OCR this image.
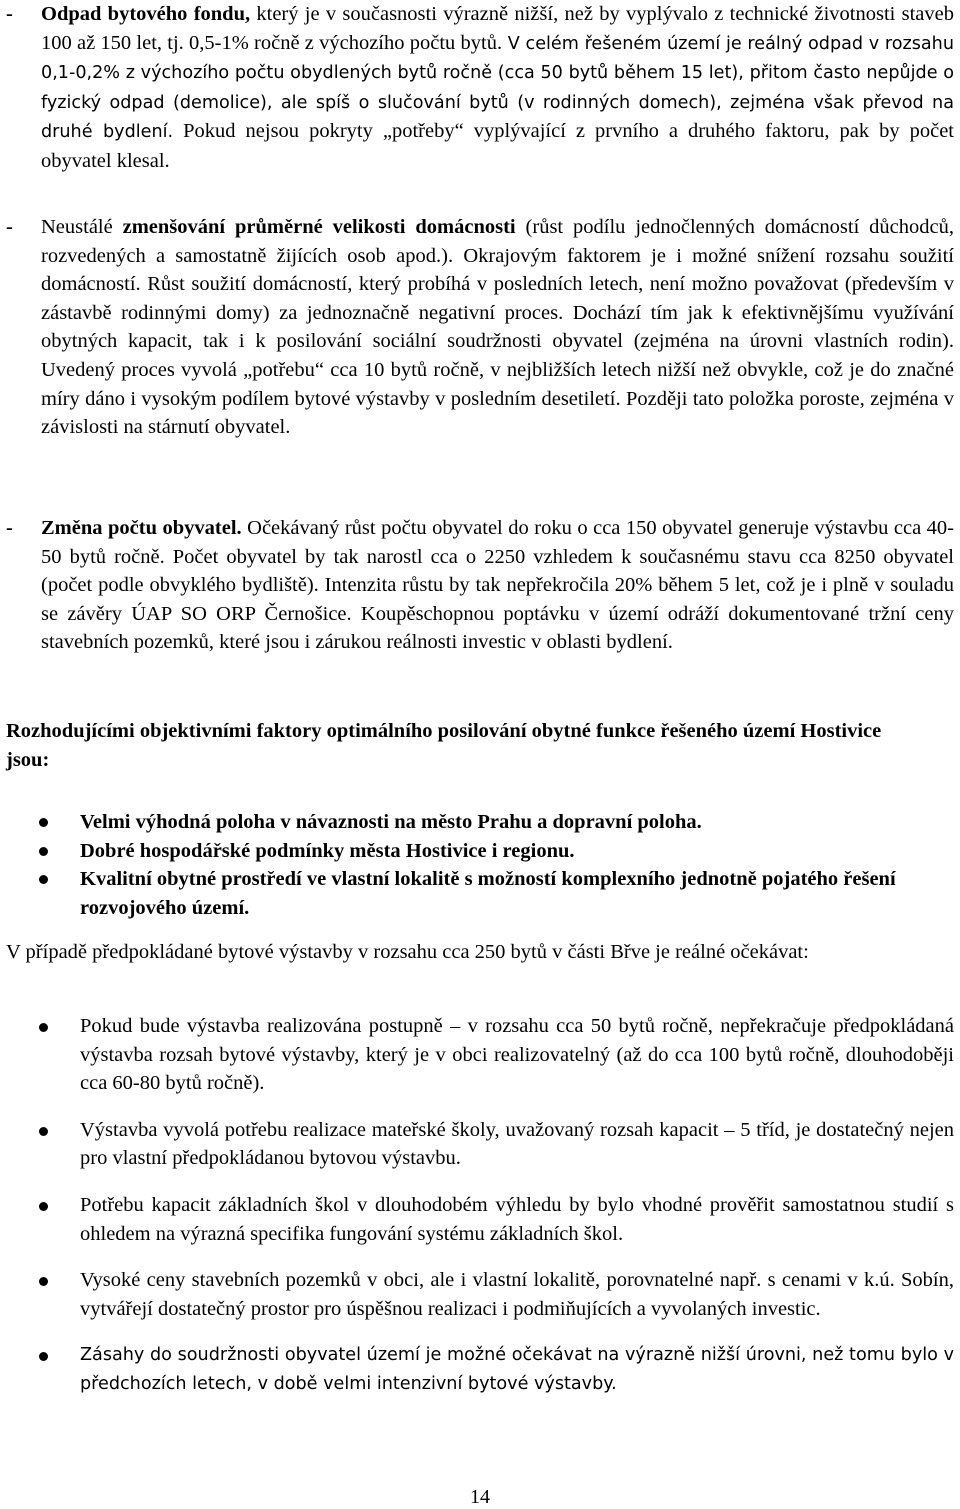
- Odpad bytového fondu, který je v současnosti výrazně nižší, než by vyplývalo z technické životnosti staveb 100 až 150 let, tj. 0,5-1% ročně z výchozího počtu bytů. V celém řešeném území je reálný odpad v rozsahu 0,1-0,2% z výchozího počtu obydlených bytů ročně (cca 50 bytů během 15 let), přitom často nepůjde o fyzický odpad (demolice), ale spíš o slučování bytů (v rodinných domech), zejména však převod na druhé bydlení. Pokud nejsou pokryty „potřeby“ vyplývající z prvního a druhého faktoru, pak by počet obyvatel klesal.
- Neustálé zmenšování průměrné velikosti domácnosti (růst podílu jednočlenných domácností důchodců, rozvedených a samostatně žijících osob apod.). Okrajovým faktorem je i možné snížení rozsahu soužití domácností. Růst soužití domácností, který probíhá v posledních letech, není možno považovat (především v zástavbě rodinnými domy) za jednoznačně negativní proces. Dochází tím jak k efektivnějšímu využívání obytných kapacit, tak i k posilování sociální soudržnosti obyvatel (zejména na úrovni vlastních rodin). Uvedený proces vyvolá „potřebu“ cca 10 bytů ročně, v nejbližších letech nižší než obvykle, což je do značné míry dáno i vysokým podílem bytové výstavby v posledním desetiletí. Později tato položka poroste, zejména v závislosti na stárnutí obyvatel.
- Změna počtu obyvatel. Očekávaný růst počtu obyvatel do roku o cca 150 obyvatel generuje výstavbu cca 40-50 bytů ročně. Počet obyvatel by tak narostl cca o 2250 vzhledem k současnému stavu cca 8250 obyvatel (počet podle obvyklého bydliště). Intenzita růstu by tak nepřekročila 20% během 5 let, což je i plně v souladu se závěry ÚAP SO ORP Černošice. Koupěschopnou poptávku v území odráží dokumentované tržní ceny stavebních pozemků, které jsou i zárukou reálnosti investic v oblasti bydlení.
Rozhodujícími objektivními faktory optimálního posilování obytné funkce řešeného území Hostivice jsou:
Velmi výhodná poloha v návaznosti na město Prahu a dopravní poloha.
Dobré hospodářské podmínky města Hostivice i regionu.
Kvalitní obytné prostředí ve vlastní lokalitě s možností komplexního jednotně pojatého řešení rozvojového území.
V případě předpokládané bytové výstavby v rozsahu cca 250 bytů v části Břve je reálné očekávat:
Pokud bude výstavba realizována postupně – v rozsahu cca 50 bytů ročně, nepřekračuje předpokládaná výstavba rozsah bytové výstavby, který je v obci realizovatelný (až do cca 100 bytů ročně, dlouhodoběji cca 60-80 bytů ročně).
Výstavba vyvolá potřebu realizace mateřské školy, uvažovaný rozsah kapacit – 5 tříd, je dostatečný nejen pro vlastní předpokládanou bytovou výstavbu.
Potřebu kapacit základních škol v dlouhodobém výhledu by bylo vhodné prověřit samostatnou studií s ohledem na výrazná specifika fungování systému základních škol.
Vysoké ceny stavebních pozemků v obci, ale i vlastní lokalitě, porovnatelné např. s cenami v k.ú. Sobín, vytvářejí dostatečný prostor pro úspěšnou realizaci i podmiňujících a vyvolaných investic.
Zásahy do soudržnosti obyvatel území je možné očekávat na výrazně nižší úrovni, než tomu bylo v předchozích letech, v době velmi intenzivní bytové výstavby.
14
